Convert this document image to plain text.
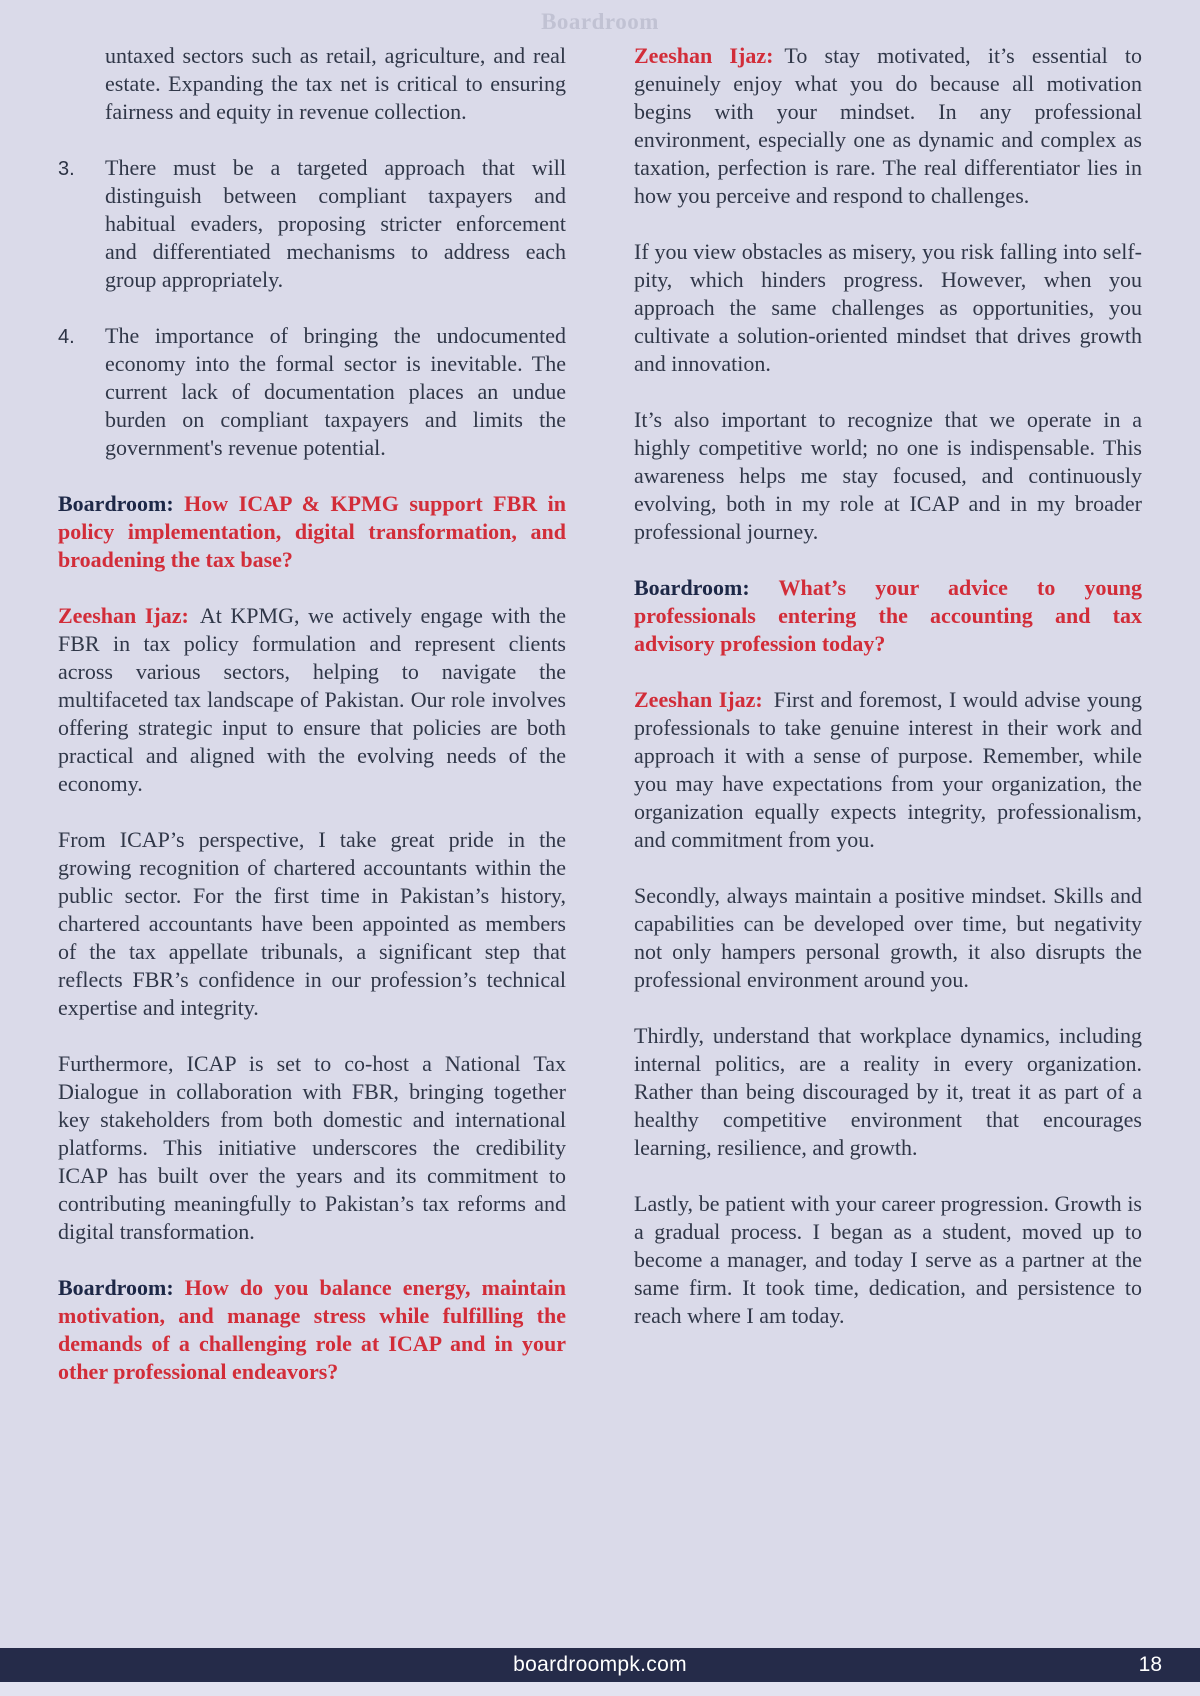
Boardroom
untaxed sectors such as retail, agriculture, and real estate. Expanding the tax net is critical to ensuring fairness and equity in revenue collection.
3. There must be a targeted approach that will distinguish between compliant taxpayers and habitual evaders, proposing stricter enforcement and differentiated mechanisms to address each group appropriately.
4. The importance of bringing the undocumented economy into the formal sector is inevitable. The current lack of documentation places an undue burden on compliant taxpayers and limits the government's revenue potential.

Boardroom: How ICAP & KPMG support FBR in policy implementation, digital transformation, and broadening the tax base?

Zeeshan Ijaz: At KPMG, we actively engage with the FBR in tax policy formulation and represent clients across various sectors, helping to navigate the multifaceted tax landscape of Pakistan. Our role involves offering strategic input to ensure that policies are both practical and aligned with the evolving needs of the economy.

From ICAP’s perspective, I take great pride in the growing recognition of chartered accountants within the public sector. For the first time in Pakistan’s history, chartered accountants have been appointed as members of the tax appellate tribunals, a significant step that reflects FBR’s confidence in our profession’s technical expertise and integrity.

Furthermore, ICAP is set to co-host a National Tax Dialogue in collaboration with FBR, bringing together key stakeholders from both domestic and international platforms. This initiative underscores the credibility ICAP has built over the years and its commitment to contributing meaningfully to Pakistan’s tax reforms and digital transformation.

Boardroom: How do you balance energy, maintain motivation, and manage stress while fulfilling the demands of a challenging role at ICAP and in your other professional endeavors?

Zeeshan Ijaz: To stay motivated, it’s essential to genuinely enjoy what you do because all motivation begins with your mindset. In any professional environment, especially one as dynamic and complex as taxation, perfection is rare. The real differentiator lies in how you perceive and respond to challenges.

If you view obstacles as misery, you risk falling into self-pity, which hinders progress. However, when you approach the same challenges as opportunities, you cultivate a solution-oriented mindset that drives growth and innovation.

It’s also important to recognize that we operate in a highly competitive world; no one is indispensable. This awareness helps me stay focused, and continuously evolving, both in my role at ICAP and in my broader professional journey.

Boardroom: What’s your advice to young professionals entering the accounting and tax advisory profession today?

Zeeshan Ijaz: First and foremost, I would advise young professionals to take genuine interest in their work and approach it with a sense of purpose. Remember, while you may have expectations from your organization, the organization equally expects integrity, professionalism, and commitment from you.

Secondly, always maintain a positive mindset. Skills and capabilities can be developed over time, but negativity not only hampers personal growth, it also disrupts the professional environment around you.

Thirdly, understand that workplace dynamics, including internal politics, are a reality in every organization. Rather than being discouraged by it, treat it as part of a healthy competitive environment that encourages learning, resilience, and growth.

Lastly, be patient with your career progression. Growth is a gradual process. I began as a student, moved up to become a manager, and today I serve as a partner at the same firm. It took time, dedication, and persistence to reach where I am today.

boardroompk.com	18
